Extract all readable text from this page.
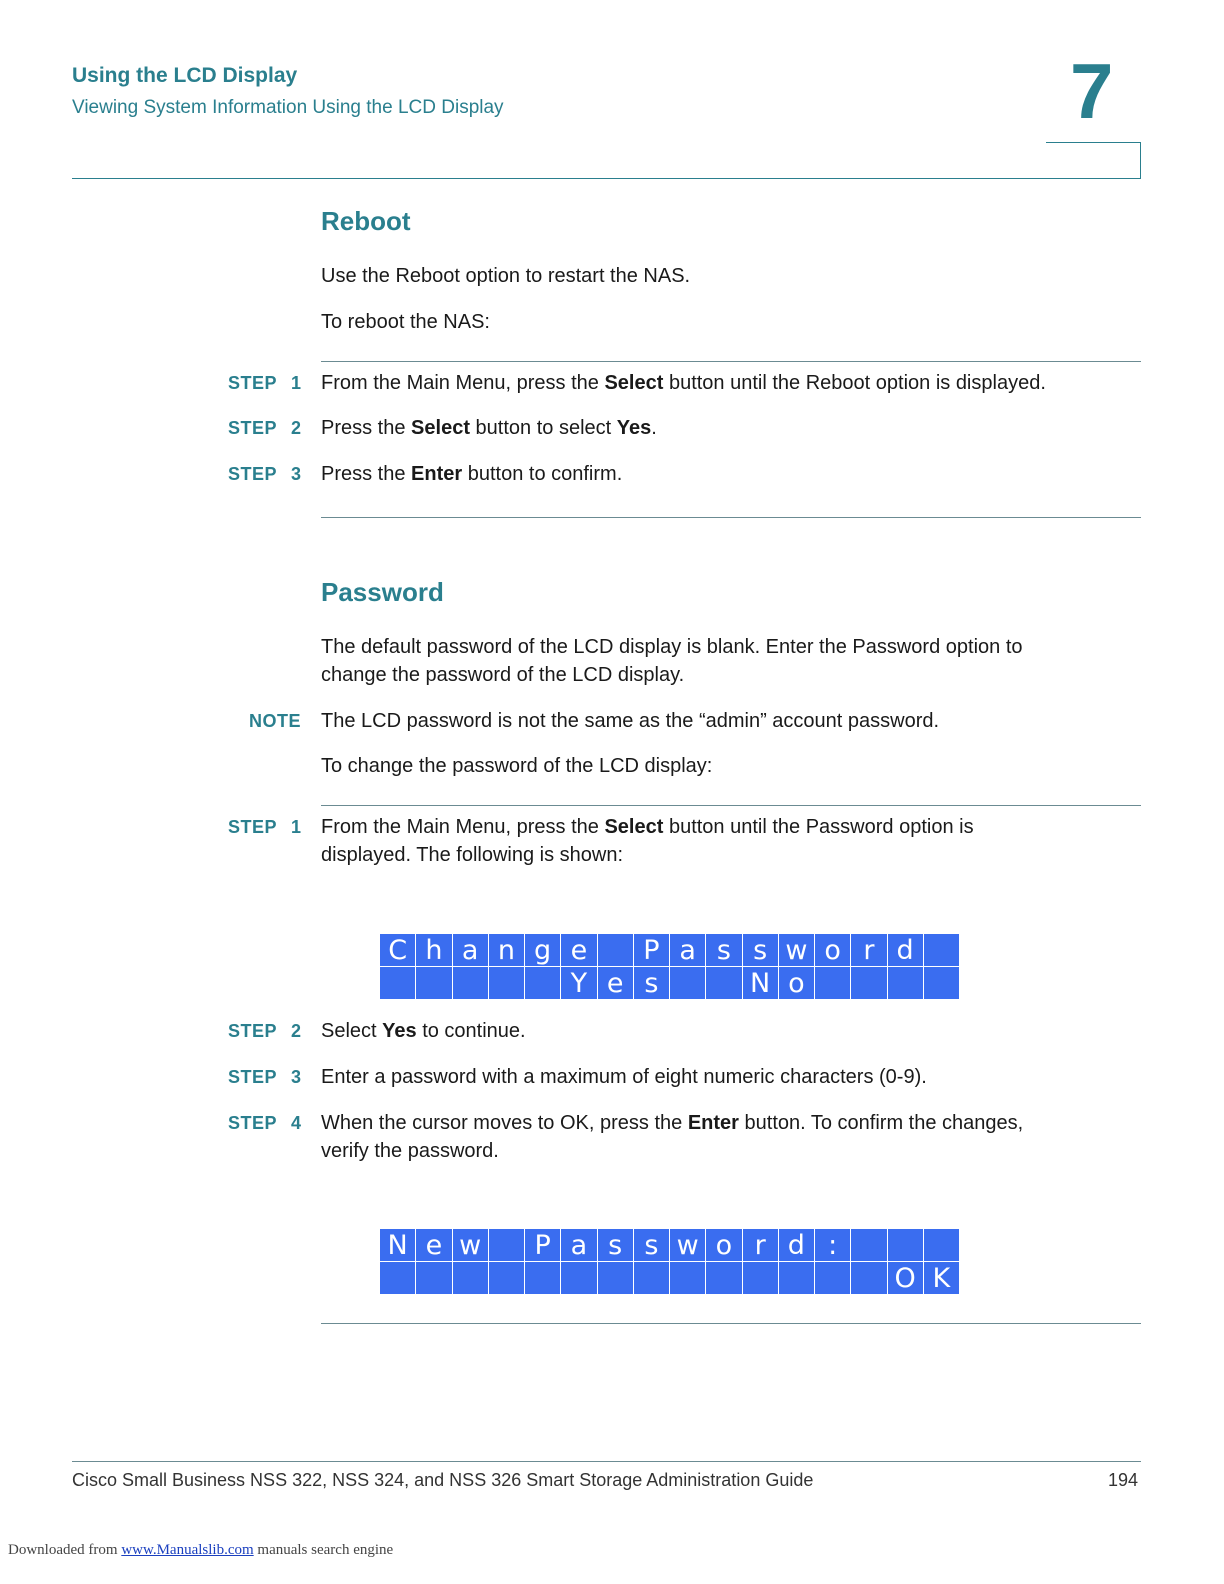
Using the LCD Display
Viewing System Information Using the LCD Display	7
Reboot
Use the Reboot option to restart the NAS.
To reboot the NAS:
STEP 1 From the Main Menu, press the Select button until the Reboot option is displayed.
STEP 2 Press the Select button to select Yes.
STEP 3 Press the Enter button to confirm.
Password
The default password of the LCD display is blank. Enter the Password option to
change the password of the LCD display.
NOTE The LCD password is not the same as the “admin” account password.
To change the password of the LCD display:
STEP 1 From the Main Menu, press the Select button until the Password option is
displayed. The following is shown:
C h a n g e	P a s s w o r d
Y e s	N o
STEP 2 Select Yes to continue.
STEP 3 Enter a password with a maximum of eight numeric characters (0-9).
STEP 4 When the cursor moves to OK, press the Enter button. To confirm the changes,
verify the password.
N e w	P a s s w o r d :
O K
Cisco Small Business NSS 322, NSS 324, and NSS 326 Smart Storage Administration Guide	194
Downloaded from www.Manualslib.com manuals search engine
